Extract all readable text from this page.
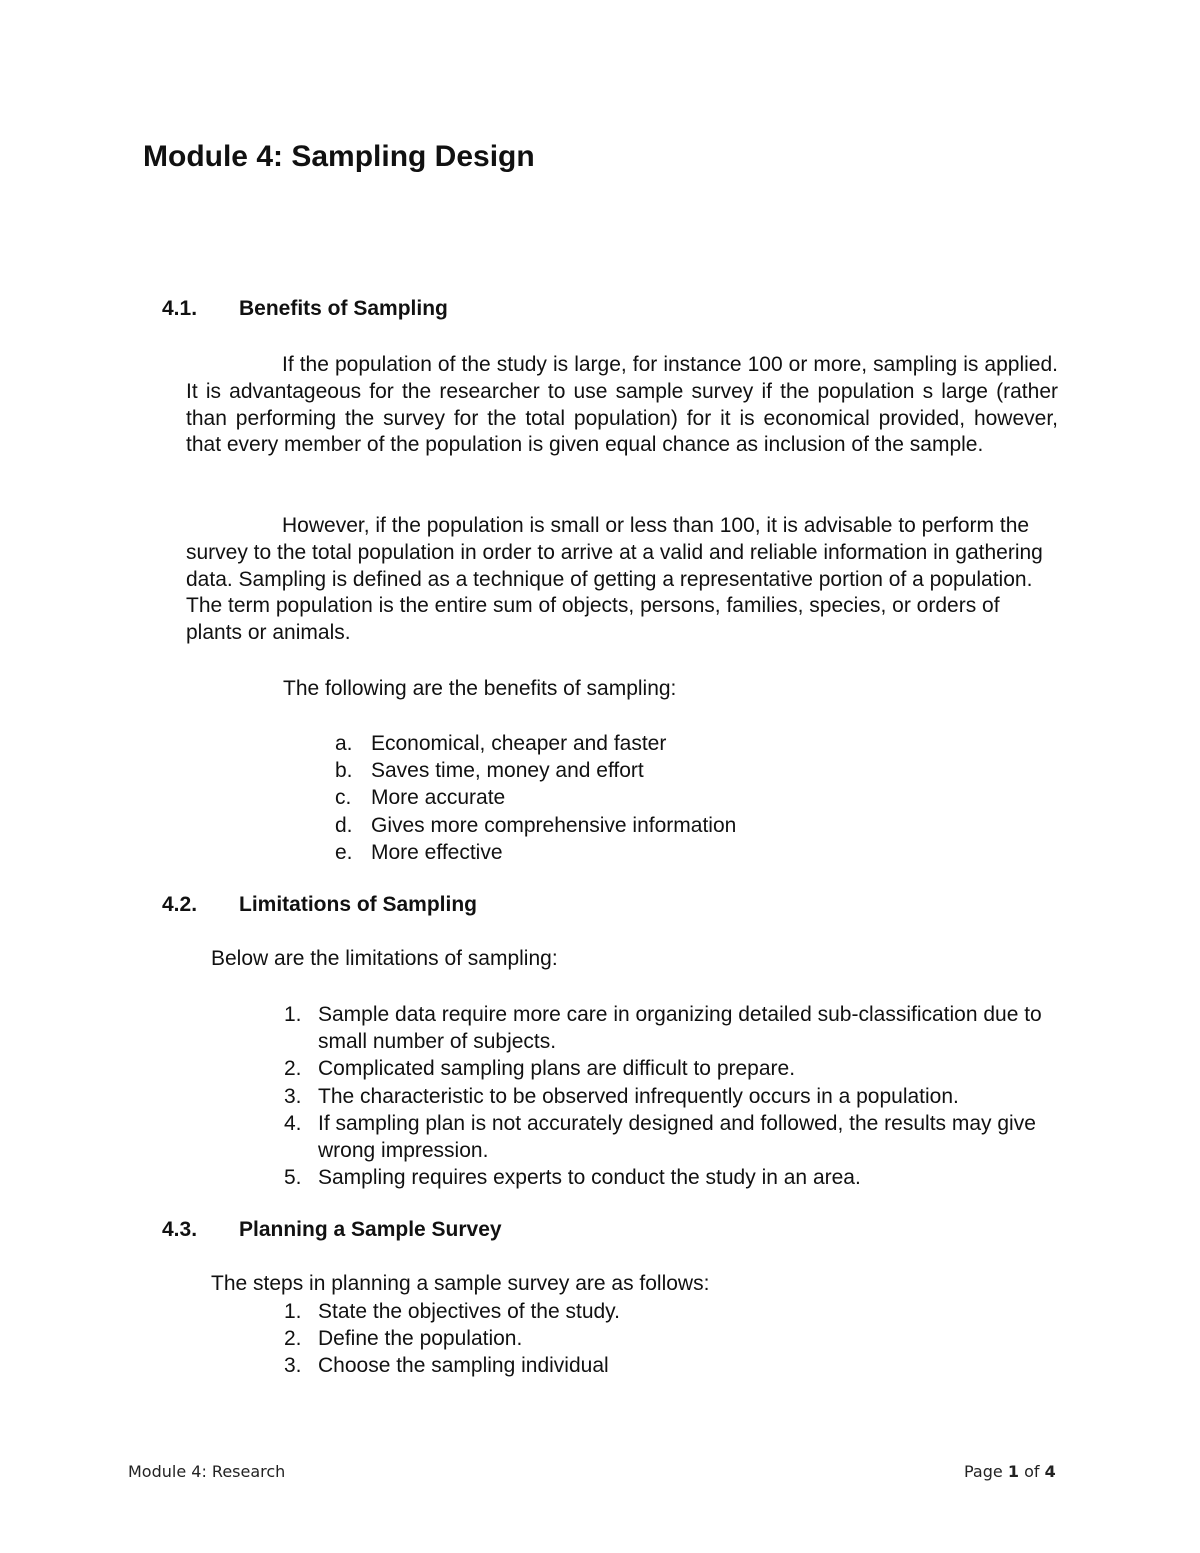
Module 4: Sampling Design
4.1. Benefits of Sampling

If the population of the study is large, for instance 100 or more, sampling is applied. It is advantageous for the researcher to use sample survey if the population s large (rather than performing the survey for the total population) for it is economical provided, however, that every member of the population is given equal chance as inclusion of the sample.

However, if the population is small or less than 100, it is advisable to perform the survey to the total population in order to arrive at a valid and reliable information in gathering data. Sampling is defined as a technique of getting a representative portion of a population. The term population is the entire sum of objects, persons, families, species, or orders of plants or animals.

The following are the benefits of sampling:

a. Economical, cheaper and faster
b. Saves time, money and effort
c. More accurate
d. Gives more comprehensive information
e. More effective
4.2. Limitations of Sampling

Below are the limitations of sampling:

1. Sample data require more care in organizing detailed sub-classification due to small number of subjects.
2. Complicated sampling plans are difficult to prepare.
3. The characteristic to be observed infrequently occurs in a population.
4. If sampling plan is not accurately designed and followed, the results may give wrong impression.
5. Sampling requires experts to conduct the study in an area.
4.3. Planning a Sample Survey

The steps in planning a sample survey are as follows:

1. State the objectives of the study.
2. Define the population.
3. Choose the sampling individual

Module 4: Research	Page 1 of 4
